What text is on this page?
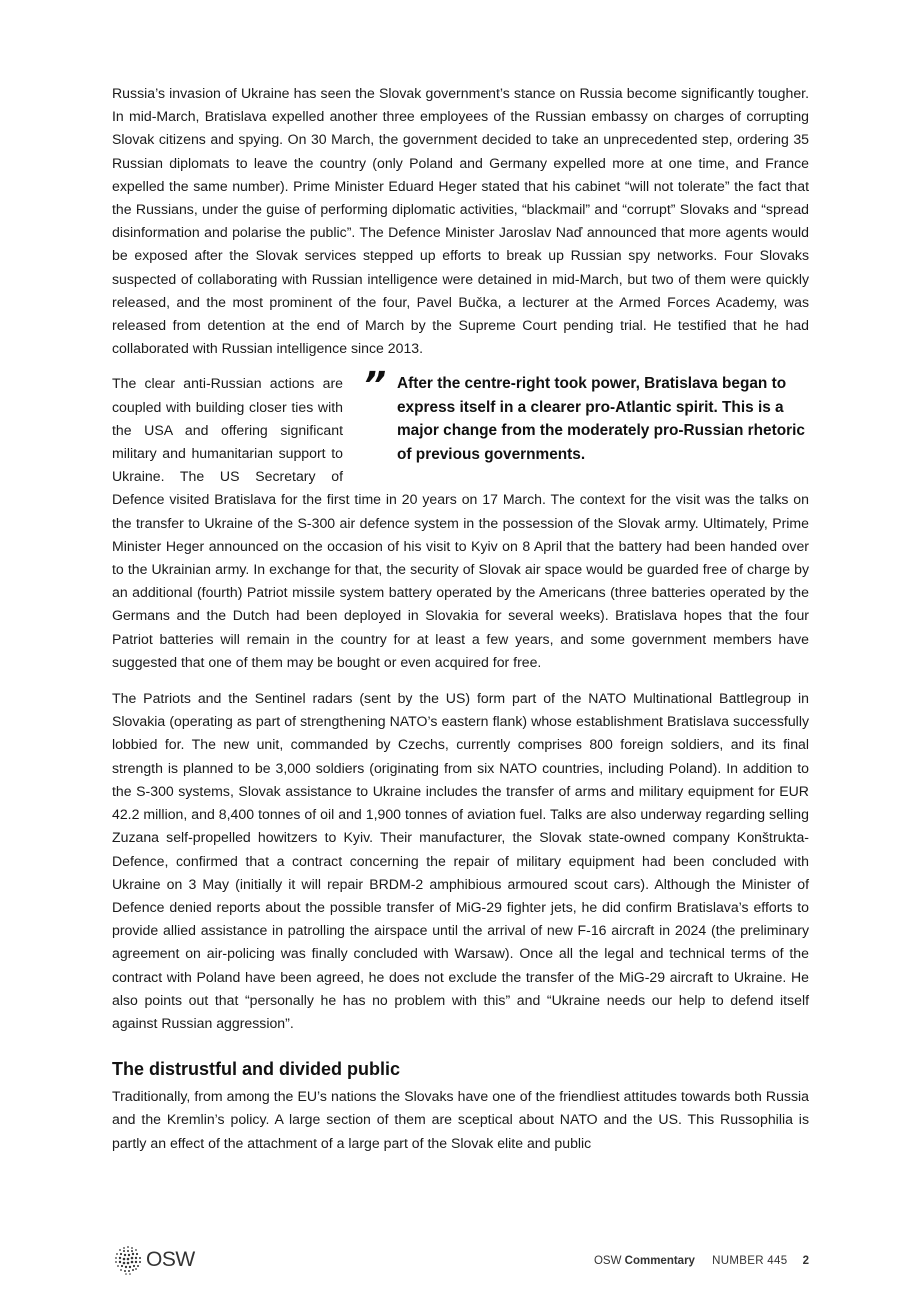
Russia’s invasion of Ukraine has seen the Slovak government’s stance on Russia become significantly tougher. In mid-March, Bratislava expelled another three employees of the Russian embassy on charges of corrupting Slovak citizens and spying. On 30 March, the government decided to take an unprecedented step, ordering 35 Russian diplomats to leave the country (only Poland and Germany expelled more at one time, and France expelled the same number). Prime Minister Eduard Heger stated that his cabinet “will not tolerate” the fact that the Russians, under the guise of performing diplomatic activities, “blackmail” and “corrupt” Slovaks and “spread disinformation and polarise the public”. The Defence Minister Jaroslav Naď announced that more agents would be exposed after the Slovak services stepped up efforts to break up Russian spy networks. Four Slovaks suspected of collaborating with Russian intelligence were detained in mid-March, but two of them were quickly released, and the most prominent of the four, Pavel Bučka, a lecturer at the Armed Forces Academy, was released from detention at the end of March by the Supreme Court pending trial. He testified that he had collaborated with Russian intelligence since 2013.

” After the centre-right took power, Bratislava began to express itself in a clearer pro-Atlantic spirit. This is a major change from the moderately pro-Russian rhetoric of previous governments.

The clear anti-Russian actions are coupled with building closer ties with the USA and offering significant military and humanitarian support to Ukraine. The US Secretary of Defence visited Bratislava for the first time in 20 years on 17 March. The context for the visit was the talks on the transfer to Ukraine of the S-300 air defence system in the possession of the Slovak army. Ultimately, Prime Minister Heger announced on the occasion of his visit to Kyiv on 8 April that the battery had been handed over to the Ukrainian army. In exchange for that, the security of Slovak air space would be guarded free of charge by an additional (fourth) Patriot missile system battery operated by the Americans (three batteries operated by the Germans and the Dutch had been deployed in Slovakia for several weeks). Bratislava hopes that the four Patriot batteries will remain in the country for at least a few years, and some government members have suggested that one of them may be bought or even acquired for free.

The Patriots and the Sentinel radars (sent by the US) form part of the NATO Multinational Battlegroup in Slovakia (operating as part of strengthening NATO’s eastern flank) whose establishment Bratislava successfully lobbied for. The new unit, commanded by Czechs, currently comprises 800 foreign soldiers, and its final strength is planned to be 3,000 soldiers (originating from six NATO countries, including Poland). In addition to the S-300 systems, Slovak assistance to Ukraine includes the transfer of arms and military equipment for EUR 42.2 million, and 8,400 tonnes of oil and 1,900 tonnes of aviation fuel. Talks are also underway regarding selling Zuzana self-propelled howitzers to Kyiv. Their manufacturer, the Slovak state-owned company Konštrukta-Defence, confirmed that a contract concerning the repair of military equipment had been concluded with Ukraine on 3 May (initially it will repair BRDM-2 amphibious armoured scout cars). Although the Minister of Defence denied reports about the possible transfer of MiG-29 fighter jets, he did confirm Bratislava’s efforts to provide allied assistance in patrolling the airspace until the arrival of new F-16 aircraft in 2024 (the preliminary agreement on air-policing was finally concluded with Warsaw). Once all the legal and technical terms of the contract with Poland have been agreed, he does not exclude the transfer of the MiG-29 aircraft to Ukraine. He also points out that “personally he has no problem with this” and “Ukraine needs our help to defend itself against Russian aggression”.

The distrustful and divided public

Traditionally, from among the EU’s nations the Slovaks have one of the friendliest attitudes towards both Russia and the Kremlin’s policy. A large section of them are sceptical about NATO and the US. This Russophilia is partly an effect of the attachment of a large part of the Slovak elite and public

OSW	OSW Commentary NUMBER 445 2
